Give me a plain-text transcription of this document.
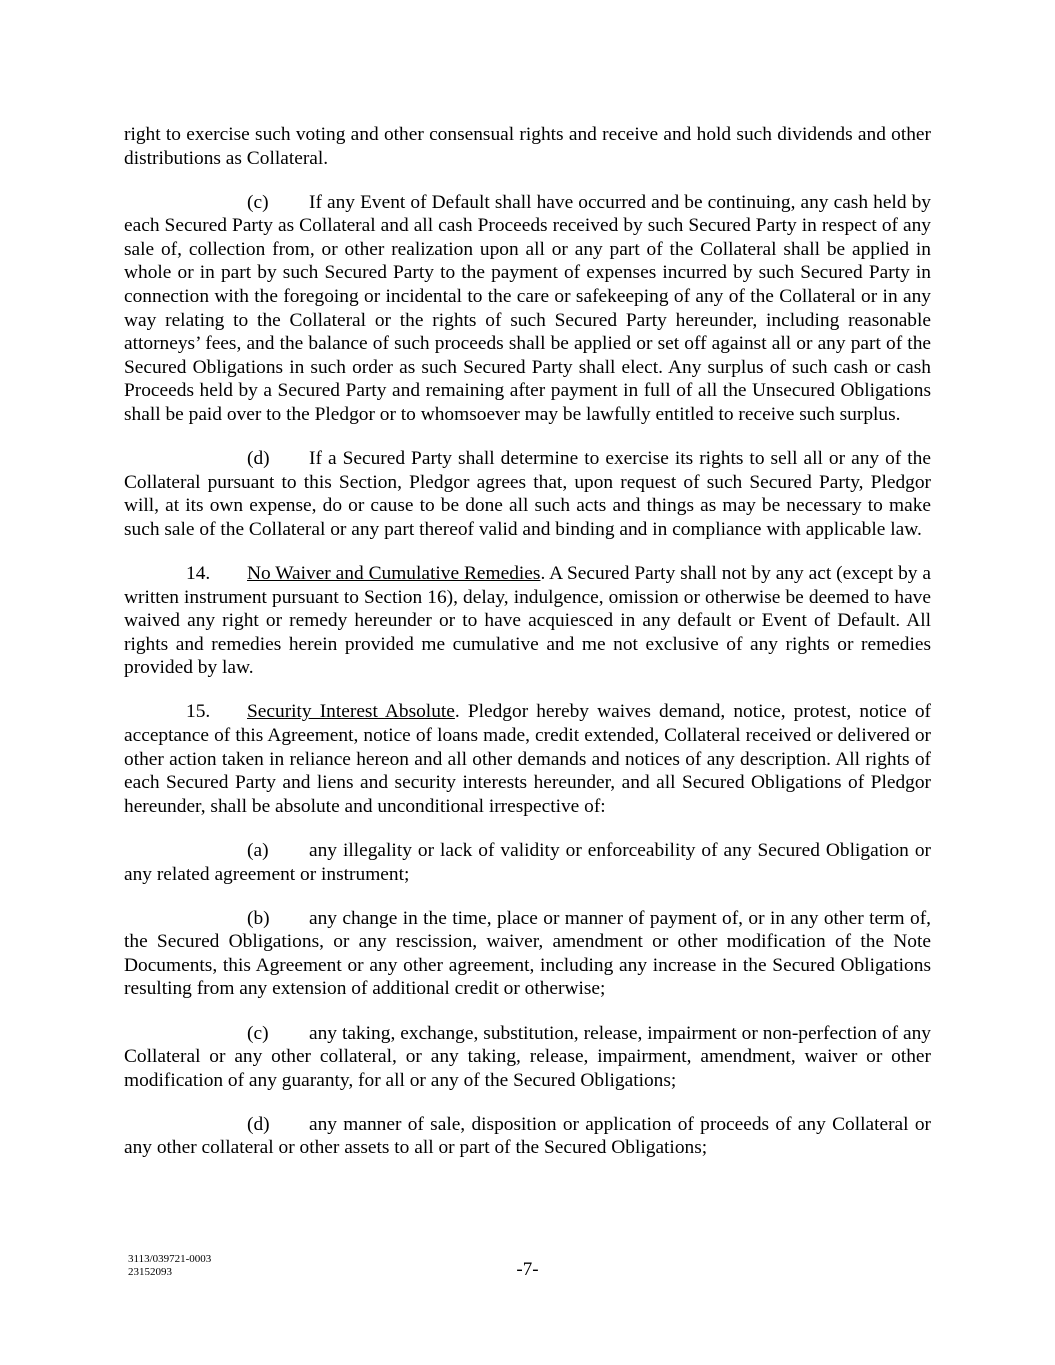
right to exercise such voting and other consensual rights and receive and hold such dividends and other distributions as Collateral.

(c) If any Event of Default shall have occurred and be continuing, any cash held by each Secured Party as Collateral and all cash Proceeds received by such Secured Party in respect of any sale of, collection from, or other realization upon all or any part of the Collateral shall be applied in whole or in part by such Secured Party to the payment of expenses incurred by such Secured Party in connection with the foregoing or incidental to the care or safekeeping of any of the Collateral or in any way relating to the Collateral or the rights of such Secured Party hereunder, including reasonable attorneys’ fees, and the balance of such proceeds shall be applied or set off against all or any part of the Secured Obligations in such order as such Secured Party shall elect. Any surplus of such cash or cash Proceeds held by a Secured Party and remaining after payment in full of all the Unsecured Obligations shall be paid over to the Pledgor or to whomsoever may be lawfully entitled to receive such surplus.

(d) If a Secured Party shall determine to exercise its rights to sell all or any of the Collateral pursuant to this Section, Pledgor agrees that, upon request of such Secured Party, Pledgor will, at its own expense, do or cause to be done all such acts and things as may be necessary to make such sale of the Collateral or any part thereof valid and binding and in compliance with applicable law.

14. No Waiver and Cumulative Remedies. A Secured Party shall not by any act (except by a written instrument pursuant to Section 16), delay, indulgence, omission or otherwise be deemed to have waived any right or remedy hereunder or to have acquiesced in any default or Event of Default. All rights and remedies herein provided me cumulative and me not exclusive of any rights or remedies provided by law.

15. Security Interest Absolute. Pledgor hereby waives demand, notice, protest, notice of acceptance of this Agreement, notice of loans made, credit extended, Collateral received or delivered or other action taken in reliance hereon and all other demands and notices of any description. All rights of each Secured Party and liens and security interests hereunder, and all Secured Obligations of Pledgor hereunder, shall be absolute and unconditional irrespective of:

(a) any illegality or lack of validity or enforceability of any Secured Obligation or any related agreement or instrument;

(b) any change in the time, place or manner of payment of, or in any other term of, the Secured Obligations, or any rescission, waiver, amendment or other modification of the Note Documents, this Agreement or any other agreement, including any increase in the Secured Obligations resulting from any extension of additional credit or otherwise;

(c) any taking, exchange, substitution, release, impairment or non-perfection of any Collateral or any other collateral, or any taking, release, impairment, amendment, waiver or other modification of any guaranty, for all or any of the Secured Obligations;

(d) any manner of sale, disposition or application of proceeds of any Collateral or any other collateral or other assets to all or part of the Secured Obligations;

3113/039721-0003
23152093	-7-
